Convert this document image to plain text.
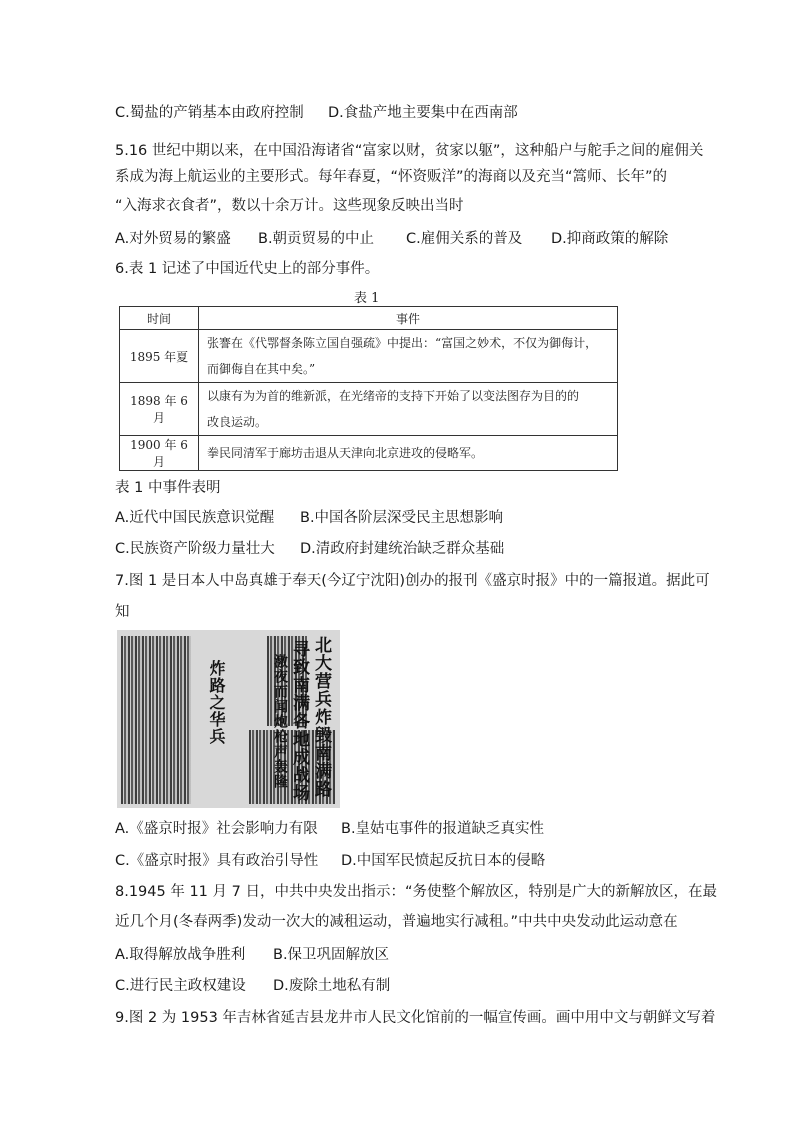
C.蜀盐的产销基本由政府控制 D.食盐产地主要集中在西南部
5.16 世纪中期以来，在中国沿海诸省“富家以财，贫家以躯”，这种船户与舵手之间的雇佣关
系成为海上航运业的主要形式。每年春夏，“怀资贩洋”的海商以及充当“篙师、长年”的
“入海求衣食者”，数以十余万计。这些现象反映出当时
A.对外贸易的繁盛 B.朝贡贸易的中止 C.雇佣关系的普及 D.抑商政策的解除
6.表 1 记述了中国近代史上的部分事件。
表 1
时间	事件
1895 年夏	张謇在《代鄂督条陈立国自强疏》中提出：“富国之妙术，不仅为御侮计，
而御侮自在其中矣。”

1898 年 6 月	以康有为为首的维新派，在光绪帝的支持下开始了以变法图存为目的的
改良运动。

1900 年 6 月	拳民同清军于廊坊击退从天津向北京进攻的侵略军。
表 1 中事件表明
A.近代中国民族意识觉醒 B.中国各阶层深受民主思想影响
C.民族资产阶级力量壮大 D.清政府封建统治缺乏群众基础
7.图 1 是日本人中岛真雄于奉天(今辽宁沈阳)创办的报刊《盛京时报》中的一篇报道。据此可
知
北大营兵炸毁南满路
寻致南满各地成战场
激夜而闻炮枪声轰隆
炸路之华兵
A.《盛京时报》社会影响力有限 B.皇姑屯事件的报道缺乏真实性
C.《盛京时报》具有政治引导性 D.中国军民愤起反抗日本的侵略
8.1945 年 11 月 7 日，中共中央发出指示：“务使整个解放区，特别是广大的新解放区，在最
近几个月(冬春两季)发动一次大的减租运动，普遍地实行减租。”中共中央发动此运动意在
A.取得解放战争胜利 B.保卫巩固解放区
C.进行民主政权建设 D.废除土地私有制
9.图 2 为 1953 年吉林省延吉县龙井市人民文化馆前的一幅宣传画。画中用中文与朝鲜文写着
